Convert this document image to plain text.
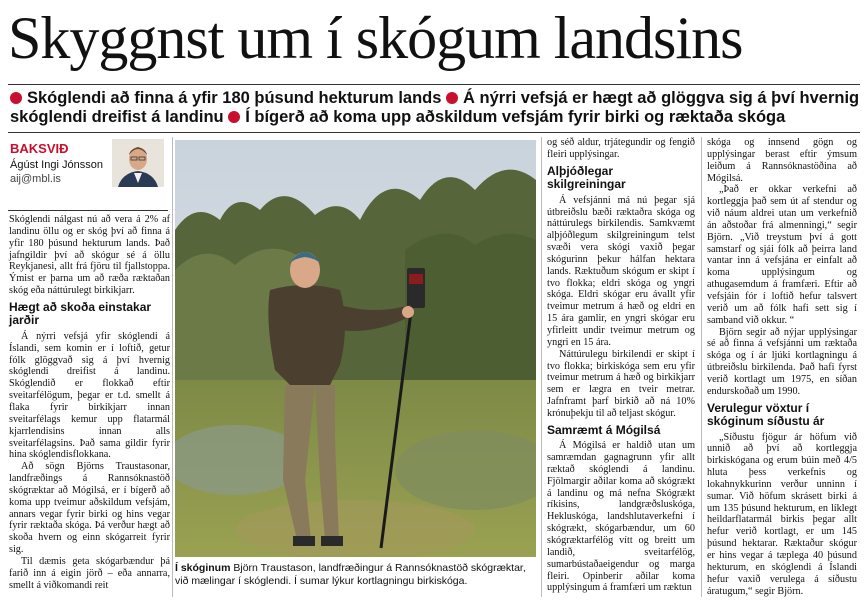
Skyggnst um í skógum landsins
Skóglendi að finna á yfir 180 þúsund hekturum lands Á nýrri vefsjá er hægt að glöggva sig á því hvernig skóglendi dreifist á landinu Í bígerð að koma upp aðskildum vefsjám fyrir birki og ræktaða skóga
BAKSVIÐ
Ágúst Ingi Jónsson
aij@mbl.is

Skóglendi nálgast nú að vera á 2% af landinu öllu og er skóg því að finna á yfir 180 þúsund hekturum lands. Það jafngildir því að skógur sé á öllu Reykjanesi, allt frá fjöru til fjallstoppa. Ýmist er þarna um að ræða ræktaðan skóg eða náttúrulegt birkikjarr.

Hægt að skoða einstakar jarðir

Á nýrri vefsjá yfir skóglendi á Íslandi, sem komin er í loftið, getur fólk glöggvað sig á því hvernig skóglendi dreifist á landinu. Skóglendið er flokkað eftir sveitarfélögum, þegar er t.d. smellt á flaka fyrir birkikjarr innan sveitarfélags kemur upp flatarmál kjarrlendisins innan alls sveitarfélagsins. Það sama gildir fyrir hina skóglendisflokkana.

Að sögn Björns Traustasonar, landfræðings á Rannsóknastöð skógræktar að Mógilsá, er í bígerð að koma upp tveimur aðskildum vefsjám, annars vegar fyrir birki og hins vegar fyrir ræktaða skóga. Þá verður hægt að skoða hvern og einn skógarreit fyrir sig.

Til dæmis geta skógarbændur þá farið inn á eigin jörð – eða annarra, smellt á viðkomandi reit

Í skóginum Björn Traustason, landfræðingur á Rannsóknastöð skógræktar, við mælingar í skóglendi. Í sumar lýkur kortlagningu birkiskóga.

og séð aldur, trjátegundir og fengið fleiri upplýsingar.

Alþjóðlegar skilgreiningar

Á vefsjánni má nú þegar sjá útbreiðslu bæði ræktaðra skóga og náttúrulegs birkilendis. Samkvæmt alþjóðlegum skilgreiningum telst svæði vera skógi vaxið þegar skógurinn þekur hálfan hektara lands. Ræktuðum skógum er skipt í tvo flokka; eldri skóga og yngri skóga. Eldri skógar eru ávallt yfir tveimur metrum á hæð og eldri en 15 ára gamlir, en yngri skógar eru yfirleitt undir tveimur metrum og yngri en 15 ára.

Náttúrulegu birkilendi er skipt í tvo flokka; birkiskóga sem eru yfir tveimur metrum á hæð og birkikjarr sem er lægra en tveir metrar. Jafnframt þarf birkið að ná 10% krónuþekju til að teljast skógur.

Samræmt á Mógilsá

Á Mógilsá er haldið utan um samræmdan gagnagrunn yfir allt ræktað skóglendi á landinu. Fjölmargir aðilar koma að skógrækt á landinu og má nefna Skógrækt ríkisins, landgræðsluskóga, Hekluskóga, landshlutaverkefni í skógrækt, skógarbændur, um 60 skógræktarfélög vítt og breitt um landið, sveitarfélög, sumarbústaðaeigendur og marga fleiri. Opinberir aðilar koma upplýsingum á framfæri um ræktun

skóga og innsend gögn og upplýsingar berast eftir ýmsum leiðum á Rannsóknastöðina að Mógilsá.

„Það er okkar verkefni að kortleggja það sem út af stendur og við náum aldrei utan um verkefnið án aðstoðar frá almenningi,“ segir Björn. „Við treystum því á gott samstarf og sjái fólk að þeirra land vantar inn á vefsjána er einfalt að koma upplýsingum og athugasemdum á framfæri. Eftir að vefsjáin fór í loftið hefur talsvert verið um að fólk hafi sett sig í samband við okkur. “

Björn segir að nýjar upplýsingar sé að finna á vefsjánni um ræktaða skóga og í ár ljúki kortlagningu á útbreiðslu birkilenda. Það hafi fyrst verið kortlagt um 1975, en síðan endurskoðað um 1990.

Verulegur vöxtur í skóginum síðustu ár

„Síðustu fjögur ár höfum við unnið að því að kortleggja birkiskógana og erum búin með 4/5 hluta þess verkefnis og lokahnykkurinn verður unninn í sumar. Við höfum skrásett birki á um 135 þúsund hekturum, en líklegt heildarflatarmál birkis þegar allt hefur verið kortlagt, er um 145 þúsund hektarar. Ræktaður skógur er hins vegar á tæplega 40 þúsund hekturum, en skóglendi á Íslandi hefur vaxið verulega á síðustu áratugum,“ segir Björn.
